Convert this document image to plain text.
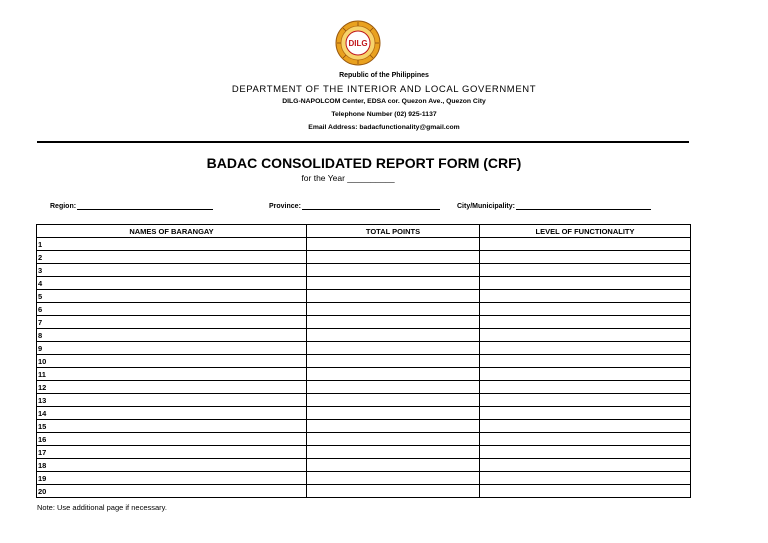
DILG
Republic of the Philippines
DEPARTMENT OF THE INTERIOR AND LOCAL GOVERNMENT
DILG-NAPOLCOM Center, EDSA cor. Quezon Ave., Quezon City
Telephone Number (02) 925-1137
Email Address: badacfunctionality@gmail.com
BADAC CONSOLIDATED REPORT FORM (CRF)
for the Year __________
Region:	Province:	City/Municipality:
NAMES OF BARANGAY	TOTAL POINTS	LEVEL OF FUNCTIONALITY
1		
2		
3		
4		
5		
6		
7		
8		
9		
10		
11		
12		
13		
14		
15		
16		
17		
18		
19		
20		
Note: Use additional page if necessary.
